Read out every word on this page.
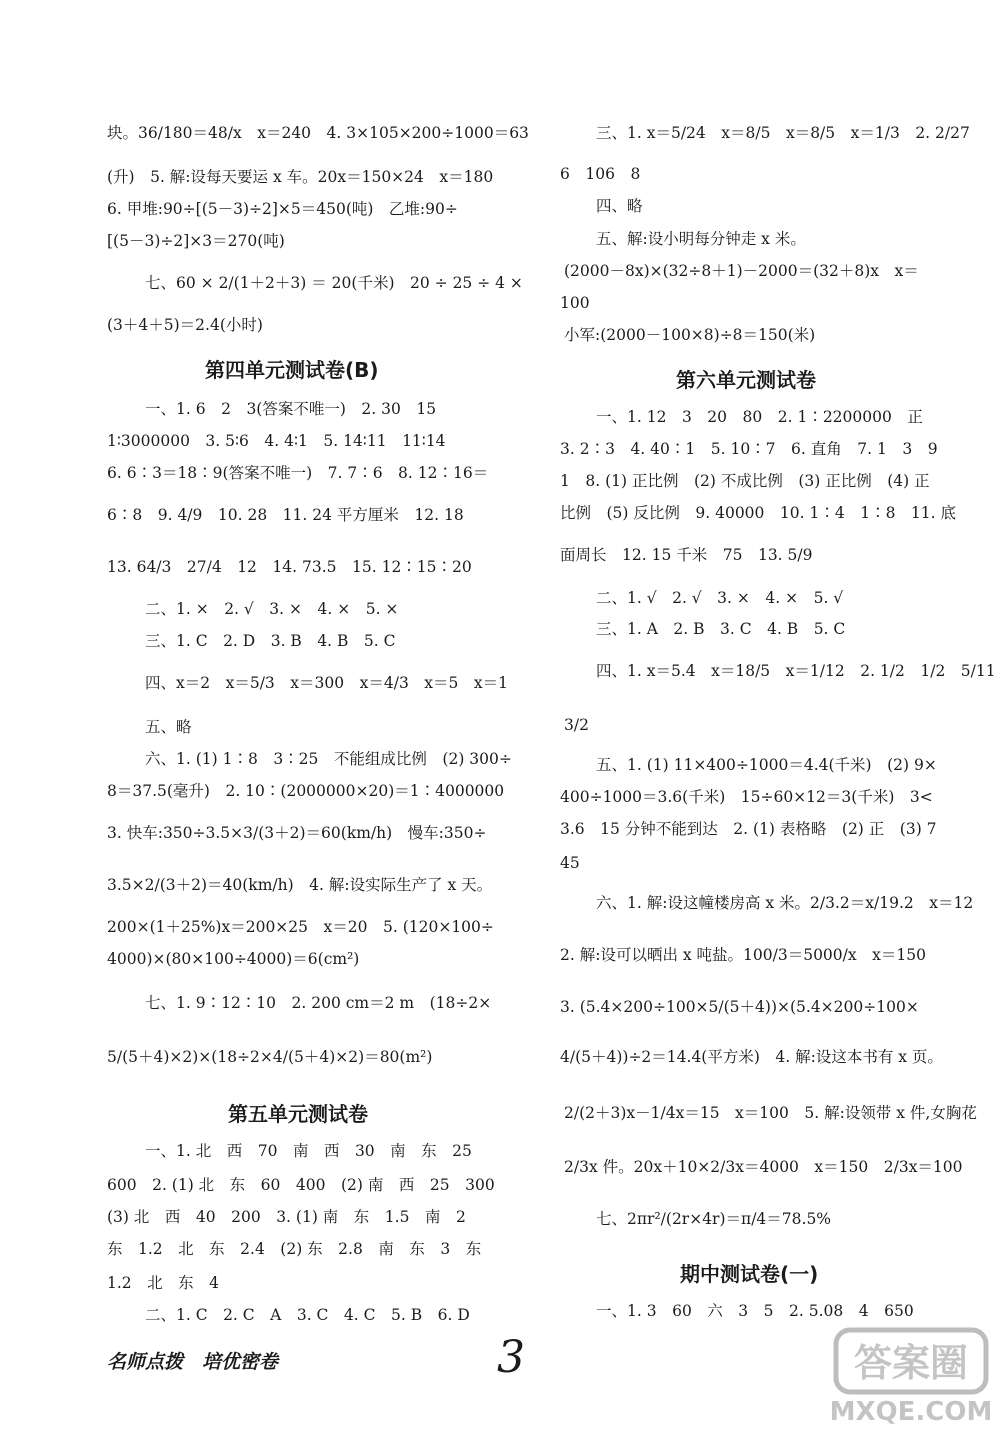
块。36/180＝48/x　x＝240　4. 3×105×200÷1000＝63
(升)　5. 解:设每天要运 x 车。20x＝150×24　x＝180
6. 甲堆:90÷[(5－3)÷2]×5＝450(吨)　乙堆:90÷
[(5－3)÷2]×3＝270(吨)
七、60 × 2/(1＋2＋3) ＝ 20(千米)　20 ÷ 25 ÷ 4 ×
(3＋4＋5)＝2.4(小时)
第四单元测试卷(B)
一、1. 6　2　3(答案不唯一)　2. 30　15
1∶3000000　3. 5∶6　4. 4∶1　5. 14∶11　11∶14
6. 6∶3＝18∶9(答案不唯一)　7. 7∶6　8. 12∶16＝
6∶8　9. 4/9　10. 28　11. 24 平方厘米　12. 18
13. 64/3　27/4　12　14. 73.5　15. 12∶15∶20
二、1. ×　2. √　3. ×　4. ×　5. ×
三、1. C　2. D　3. B　4. B　5. C
四、x＝2　x＝5/3　x＝300　x＝4/3　x＝5　x＝1
五、略
六、1. (1) 1∶8　3∶25　不能组成比例　(2) 300÷
8＝37.5(毫升)　2. 10∶(2000000×20)＝1∶4000000
3. 快车:350÷3.5×3/(3＋2)＝60(km/h)　慢车:350÷
3.5×2/(3＋2)＝40(km/h)　4. 解:设实际生产了 x 天。
200×(1＋25%)x＝200×25　x＝20　5. (120×100÷
4000)×(80×100÷4000)＝6(cm²)
七、1. 9∶12∶10　2. 200 cm＝2 m　(18÷2×
5/(5＋4)×2)×(18÷2×4/(5＋4)×2)＝80(m²)
第五单元测试卷
一、1. 北　西　70　南　西　30　南　东　25
600　2. (1) 北　东　60　400　(2) 南　西　25　300
(3) 北　西　40　200　3. (1) 南　东　1.5　南　2
东　1.2　北　东　2.4　(2) 东　2.8　南　东　3　东
1.2　北　东　4
二、1. C　2. C　A　3. C　4. C　5. B　6. D
三、1. x＝5/24　x＝8/5　x＝8/5　x＝1/3　2. 2/27
6　106　8
四、略
五、解:设小明每分钟走 x 米。
(2000－8x)×(32÷8＋1)－2000＝(32＋8)x　x＝
100
小军:(2000－100×8)÷8＝150(米)
第六单元测试卷
一、1. 12　3　20　80　2. 1∶2200000　正
3. 2∶3　4. 40∶1　5. 10∶7　6. 直角　7. 1　3　9
1　8. (1) 正比例　(2) 不成比例　(3) 正比例　(4) 正
比例　(5) 反比例　9. 40000　10. 1∶4　1∶8　11. 底
面周长　12. 15 千米　75　13. 5/9
二、1. √　2. √　3. ×　4. ×　5. √
三、1. A　2. B　3. C　4. B　5. C
四、1. x＝5.4　x＝18/5　x＝1/12　2. 1/2　1/2　5/11
3/2
五、1. (1) 11×400÷1000＝4.4(千米)　(2) 9×
400÷1000＝3.6(千米)　15÷60×12＝3(千米)　3<
3.6　15 分钟不能到达　2. (1) 表格略　(2) 正　(3) 7
45
六、1. 解:设这幢楼房高 x 米。2/3.2＝x/19.2　x＝12
2. 解:设可以晒出 x 吨盐。100/3＝5000/x　x＝150
3. (5.4×200÷100×5/(5＋4))×(5.4×200÷100×
4/(5＋4))÷2＝14.4(平方米)　4. 解:设这本书有 x 页。
2/(2＋3)x－1/4x＝15　x＝100　5. 解:设领带 x 件,女胸花
2/3x 件。20x＋10×2/3x＝4000　x＝150　2/3x＝100
七、2πr²/(2r×4r)＝π/4＝78.5%
期中测试卷(一)
一、1. 3　60　六　3　5　2. 5.08　4　650
名师点拨　培优密卷	3	答案圈
MXQE.COM
